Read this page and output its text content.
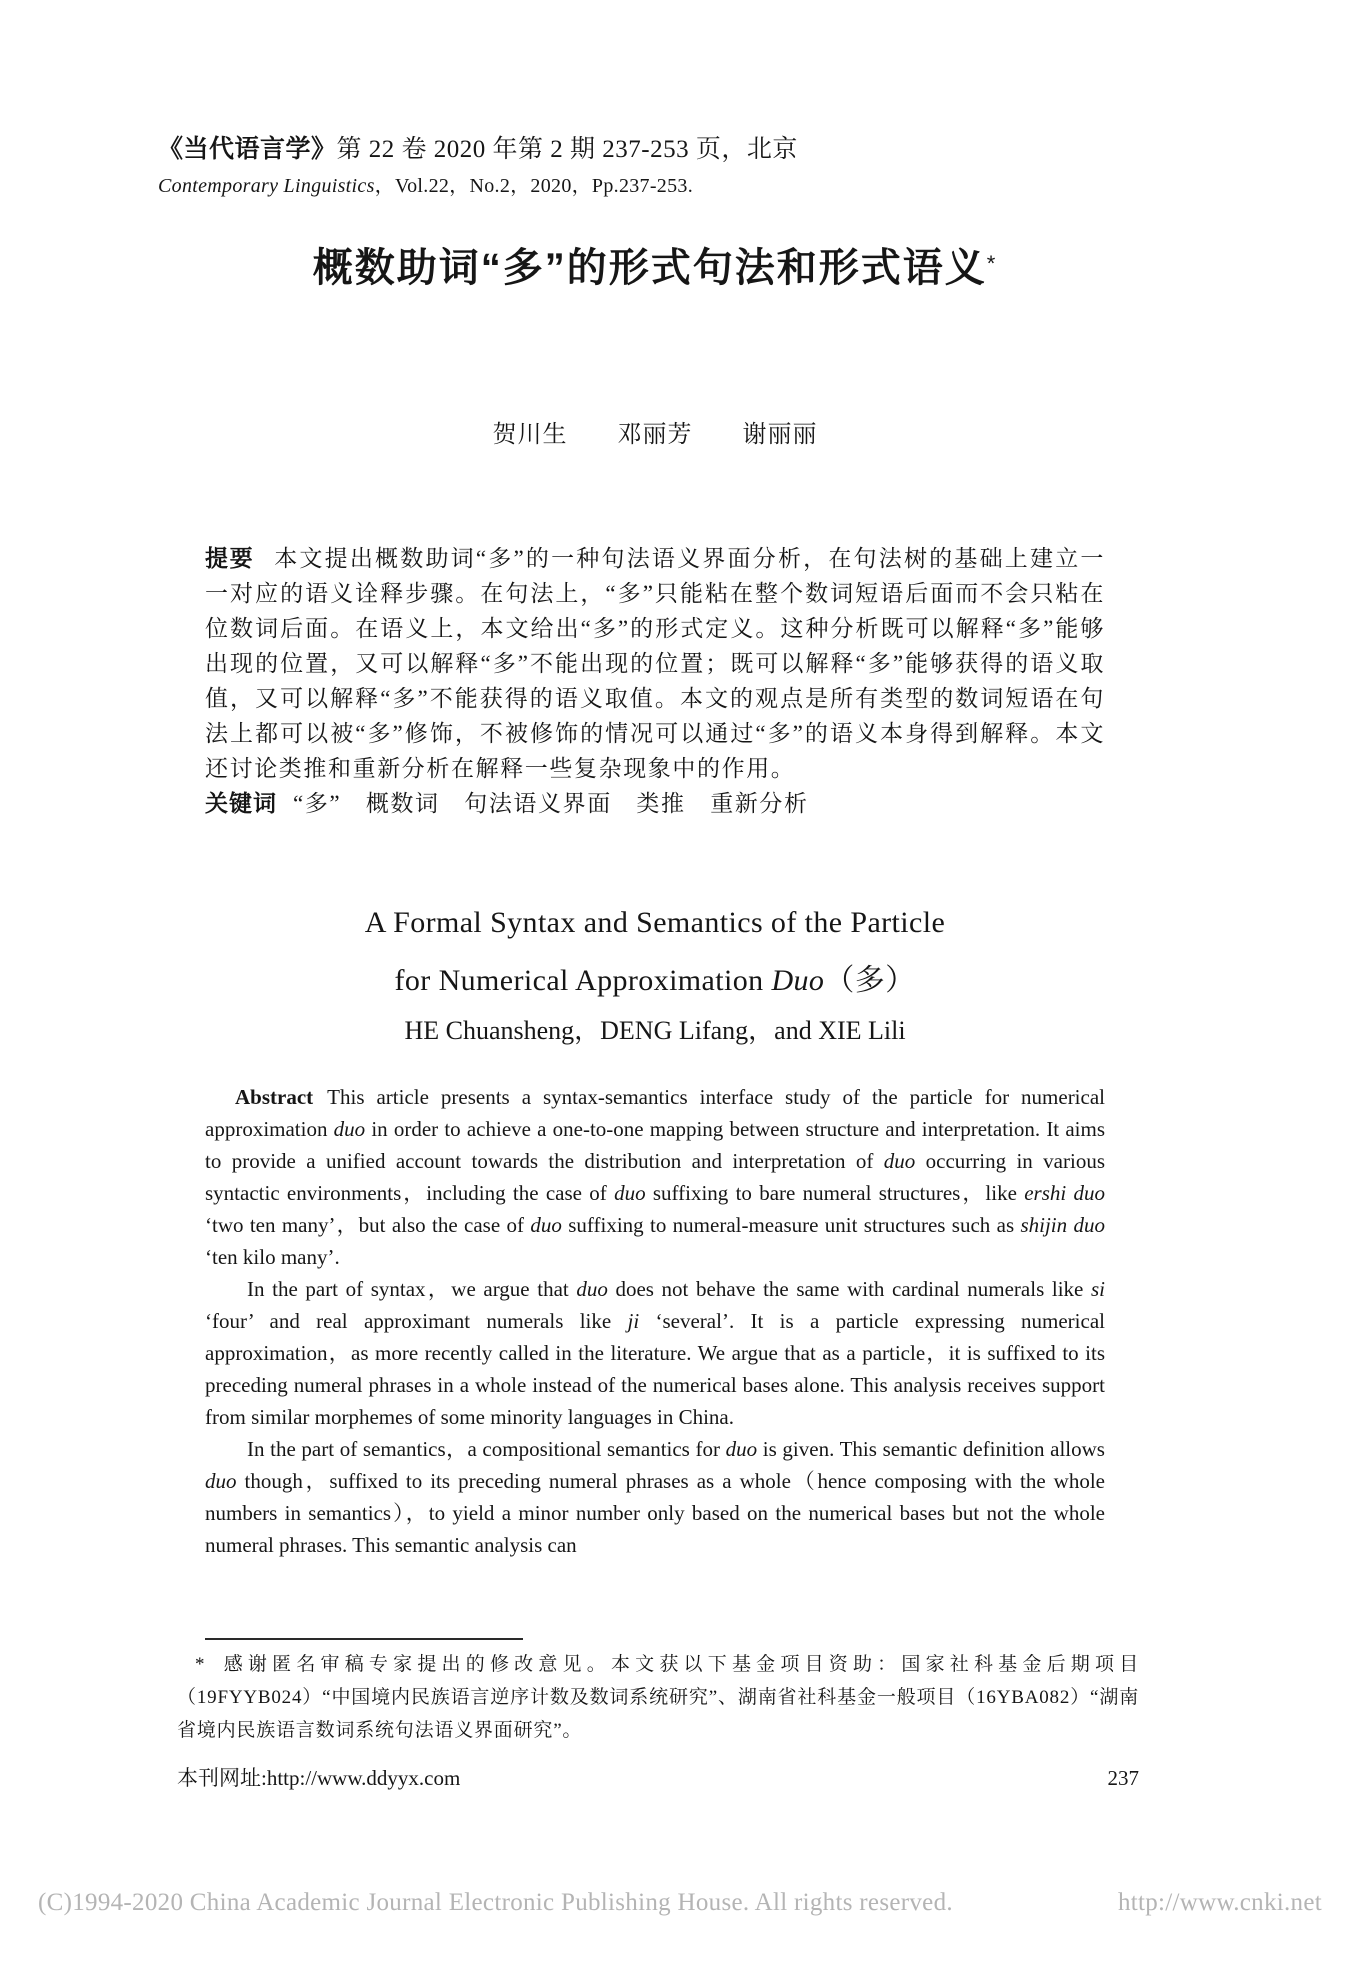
《当代语言学》第 22 卷 2020 年第 2 期 237-253 页，北京
Contemporary Linguistics，Vol.22，No.2，2020，Pp.237-253.
概数助词“多”的形式句法和形式语义*
贺川生　　邓丽芳　　谢丽丽

提要 本文提出概数助词“多”的一种句法语义界面分析，在句法树的基础上建立一一对应的语义诠释步骤。在句法上，“多”只能粘在整个数词短语后面而不会只粘在位数词后面。在语义上，本文给出“多”的形式定义。这种分析既可以解释“多”能够出现的位置，又可以解释“多”不能出现的位置；既可以解释“多”能够获得的语义取值，又可以解释“多”不能获得的语义取值。本文的观点是所有类型的数词短语在句法上都可以被“多”修饰，不被修饰的情况可以通过“多”的语义本身得到解释。本文还讨论类推和重新分析在解释一些复杂现象中的作用。

关键词 “多”　概数词　句法语义界面　类推　重新分析

A Formal Syntax and Semantics of the Particle
for Numerical Approximation Duo（多）
HE Chuansheng，DENG Lifang，and XIE Lili

Abstract This article presents a syntax-semantics interface study of the particle for numerical approximation duo in order to achieve a one-to-one mapping between structure and interpretation. It aims to provide a unified account towards the distribution and interpretation of duo occurring in various syntactic environments，including the case of duo suffixing to bare numeral structures，like ershi duo ‘two ten many’，but also the case of duo suffixing to numeral-measure unit structures such as shijin duo ‘ten kilo many’.

In the part of syntax，we argue that duo does not behave the same with cardinal numerals like si ‘four’ and real approximant numerals like ji ‘several’. It is a particle expressing numerical approximation，as more recently called in the literature. We argue that as a particle，it is suffixed to its preceding numeral phrases in a whole instead of the numerical bases alone. This analysis receives support from similar morphemes of some minority languages in China.

In the part of semantics，a compositional semantics for duo is given. This semantic definition allows duo though，suffixed to its preceding numeral phrases as a whole（hence composing with the whole numbers in semantics），to yield a minor number only based on the numerical bases but not the whole numeral phrases. This semantic analysis can

* 感谢匿名审稿专家提出的修改意见。本文获以下基金项目资助：国家社科基金后期项目（19FYYB024）“中国境内民族语言逆序计数及数词系统研究”、湖南省社科基金一般项目（16YBA082）“湖南省境内民族语言数词系统句法语义界面研究”。
本刊网址:http://www.ddyyx.com	237
(C)1994-2020 China Academic Journal Electronic Publishing House. All rights reserved.	http://www.cnki.net
